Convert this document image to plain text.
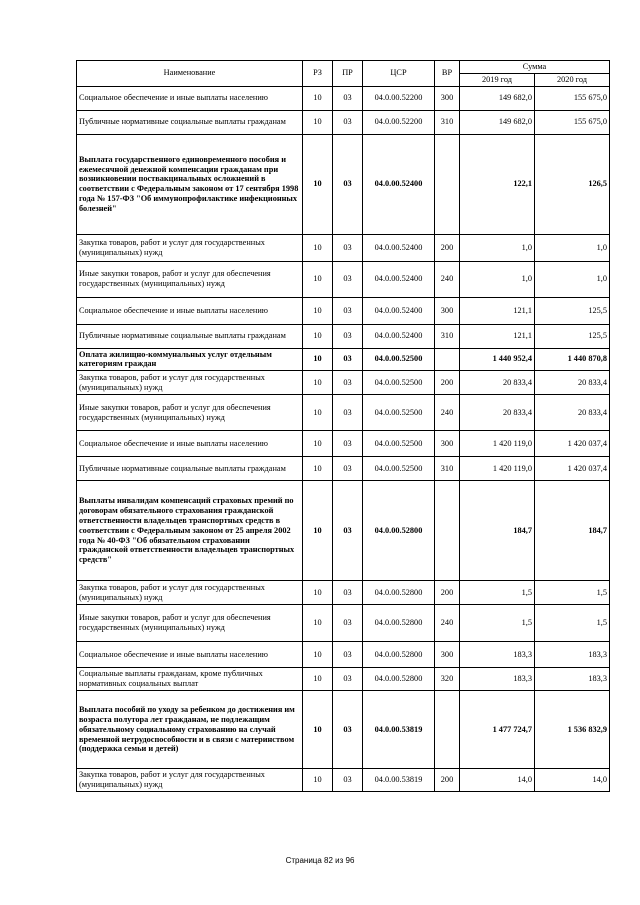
Наименование	РЗ	ПР	ЦСР	ВР	Сумма	
					2019 год	2020 год
Социальное обеспечение и иные выплаты населению	10	03	04.0.00.52200	300	149 682,0	155 675,0
Публичные нормативные социальные выплаты гражданам	10	03	04.0.00.52200	310	149 682,0	155 675,0
Выплата государственного единовременного пособия и ежемесячной денежной компенсации гражданам при возникновении поствакцинальных осложнений в соответствии с Федеральным законом от 17 сентября 1998 года № 157-ФЗ "Об иммунопрофилактике инфекционных болезней"	10	03	04.0.00.52400		122,1	126,5
Закупка товаров, работ и услуг для государственных (муниципальных) нужд	10	03	04.0.00.52400	200	1,0	1,0
Иные закупки товаров, работ и услуг для обеспечения государственных (муниципальных) нужд	10	03	04.0.00.52400	240	1,0	1,0
Социальное обеспечение и иные выплаты населению	10	03	04.0.00.52400	300	121,1	125,5
Публичные нормативные социальные выплаты гражданам	10	03	04.0.00.52400	310	121,1	125,5
Оплата жилищно-коммунальных услуг отдельным категориям граждан	10	03	04.0.00.52500		1 440 952,4	1 440 870,8
Закупка товаров, работ и услуг для государственных (муниципальных) нужд	10	03	04.0.00.52500	200	20 833,4	20 833,4
Иные закупки товаров, работ и услуг для обеспечения государственных (муниципальных) нужд	10	03	04.0.00.52500	240	20 833,4	20 833,4
Социальное обеспечение и иные выплаты населению	10	03	04.0.00.52500	300	1 420 119,0	1 420 037,4
Публичные нормативные социальные выплаты гражданам	10	03	04.0.00.52500	310	1 420 119,0	1 420 037,4
Выплаты инвалидам компенсаций страховых премий по договорам обязательного страхования гражданской ответственности владельцев транспортных средств в соответствии с Федеральным законом от 25 апреля 2002 года № 40-ФЗ "Об обязательном страховании гражданской ответственности владельцев транспортных средств"	10	03	04.0.00.52800		184,7	184,7
Закупка товаров, работ и услуг для государственных (муниципальных) нужд	10	03	04.0.00.52800	200	1,5	1,5
Иные закупки товаров, работ и услуг для обеспечения государственных (муниципальных) нужд	10	03	04.0.00.52800	240	1,5	1,5
Социальное обеспечение и иные выплаты населению	10	03	04.0.00.52800	300	183,3	183,3
Социальные выплаты гражданам, кроме публичных нормативных социальных выплат	10	03	04.0.00.52800	320	183,3	183,3
Выплата пособий по уходу за ребенком до достижения им возраста полутора лет гражданам, не подлежащим обязательному социальному страхованию на случай временной нетрудоспособности и в связи с материнством (поддержка семьи и детей)	10	03	04.0.00.53819		1 477 724,7	1 536 832,9
Закупка товаров, работ и услуг для государственных (муниципальных) нужд	10	03	04.0.00.53819	200	14,0	14,0
Страница 82 из 96
